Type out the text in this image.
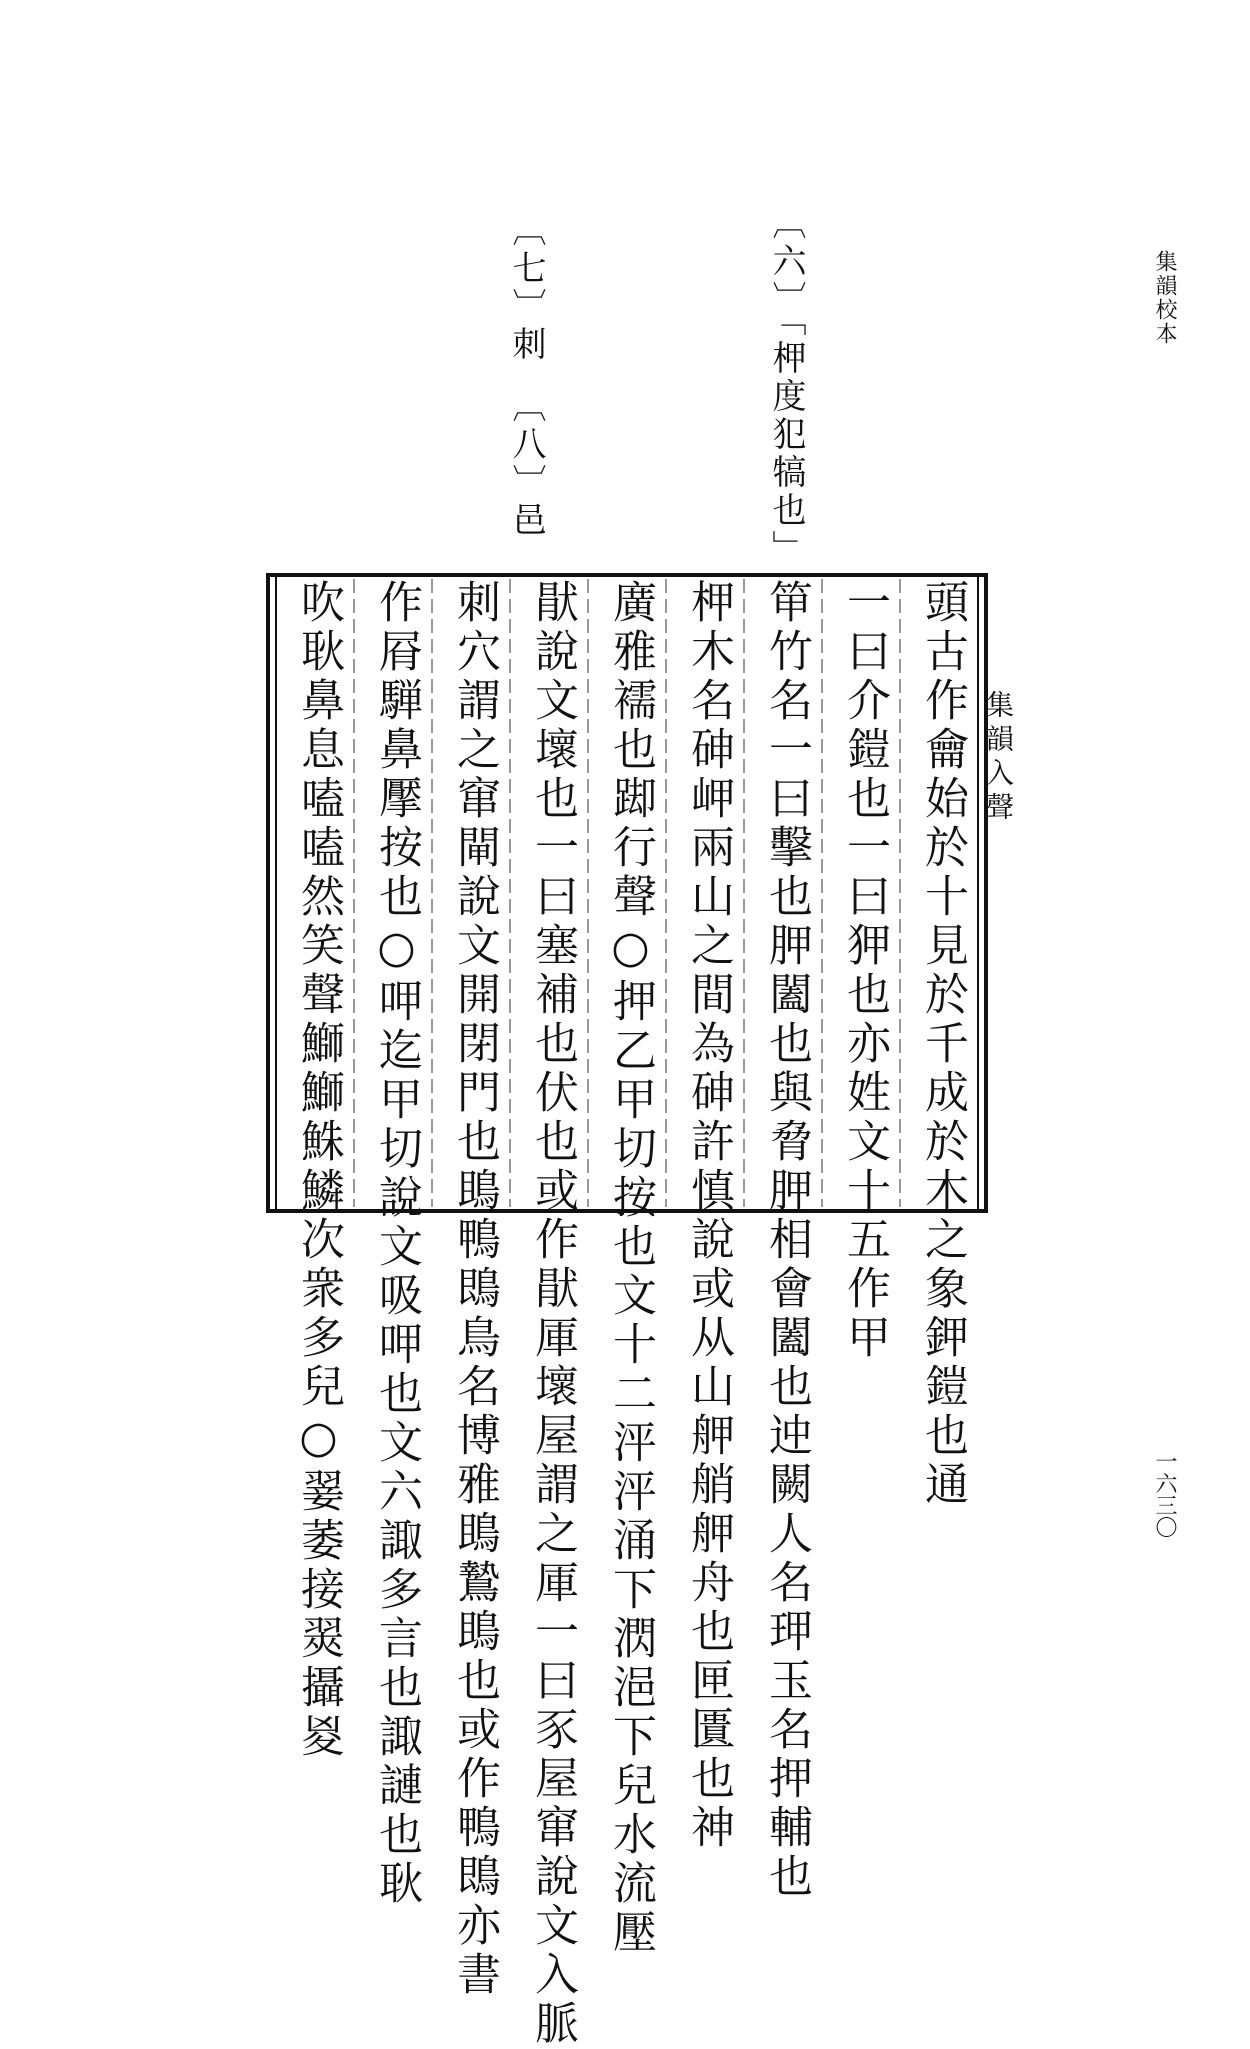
集韻校本
一六三〇
〔六〕「柙度犯犒也」
〔七〕刺
〔八〕邑
頭古作龠始於十見於千成於木之象鉀鎧也通
一曰介鎧也一曰狎也亦姓文十五作甲
笚竹名一曰擊也胛闔也與脅胛相會闔也迚闕人名玾玉名押輔也
柙木名砷岬兩山之間為砷許慎說或从山舺艄舺舟也匣匱也神
廣雅襦也踋行聲○押乙甲切按也文十二泙泙涌下㴸浥下兒水流壓
猒說文壞也一曰塞補也伏也或作猒厙壞屋謂之厙一曰豕屋窜說文入脈
刺穴謂之窜閘說文開閉門也鴡鴨鵖鳥名博雅鴡鷙鴡也或作鴨鵖亦書
作㞕騨鼻擪按也○呷迄甲切說文吸呷也文六諏多言也諏謰也耿
吹耿鼻息嗑嗑然笑聲鰤鰤鮢鱗次衆多兒○翣萎接翜攝㚇	集韻入聲
